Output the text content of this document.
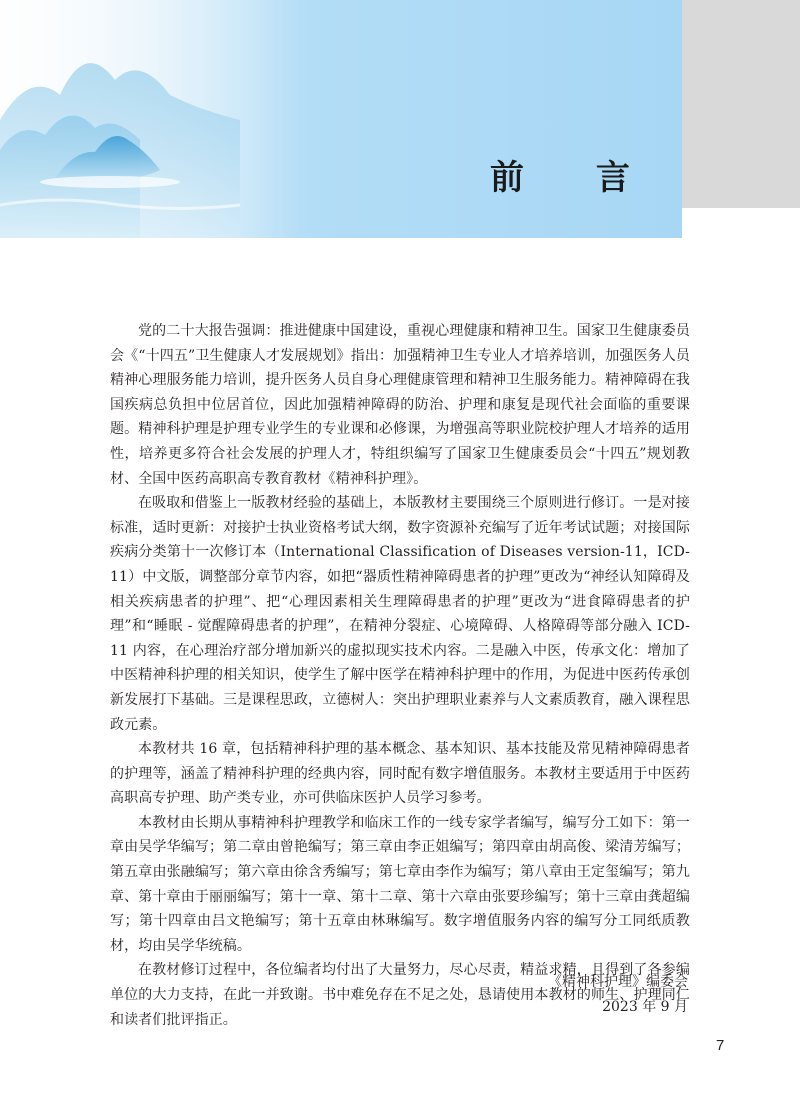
前 言

党的二十大报告强调：推进健康中国建设，重视心理健康和精神卫生。国家卫生健康委员会《“十四五”卫生健康人才发展规划》指出：加强精神卫生专业人才培养培训，加强医务人员精神心理服务能力培训，提升医务人员自身心理健康管理和精神卫生服务能力。精神障碍在我国疾病总负担中位居首位，因此加强精神障碍的防治、护理和康复是现代社会面临的重要课题。精神科护理是护理专业学生的专业课和必修课，为增强高等职业院校护理人才培养的适用性，培养更多符合社会发展的护理人才，特组织编写了国家卫生健康委员会“十四五”规划教材、全国中医药高职高专教育教材《精神科护理》。

在吸取和借鉴上一版教材经验的基础上，本版教材主要围绕三个原则进行修订。一是对接标准，适时更新：对接护士执业资格考试大纲，数字资源补充编写了近年考试试题；对接国际疾病分类第十一次修订本（International Classification of Diseases version-11，ICD-11）中文版，调整部分章节内容，如把“器质性精神障碍患者的护理”更改为“神经认知障碍及相关疾病患者的护理”、把“心理因素相关生理障碍患者的护理”更改为“进食障碍患者的护理”和“睡眠 - 觉醒障碍患者的护理”，在精神分裂症、心境障碍、人格障碍等部分融入 ICD-11 内容，在心理治疗部分增加新兴的虚拟现实技术内容。二是融入中医，传承文化：增加了中医精神科护理的相关知识，使学生了解中医学在精神科护理中的作用，为促进中医药传承创新发展打下基础。三是课程思政，立德树人：突出护理职业素养与人文素质教育，融入课程思政元素。

本教材共 16 章，包括精神科护理的基本概念、基本知识、基本技能及常见精神障碍患者的护理等，涵盖了精神科护理的经典内容，同时配有数字增值服务。本教材主要适用于中医药高职高专护理、助产类专业，亦可供临床医护人员学习参考。

本教材由长期从事精神科护理教学和临床工作的一线专家学者编写，编写分工如下：第一章由吴学华编写；第二章由曾艳编写；第三章由李正姐编写；第四章由胡高俊、梁清芳编写；第五章由张融编写；第六章由徐含秀编写；第七章由李作为编写；第八章由王定玺编写；第九章、第十章由于丽丽编写；第十一章、第十二章、第十六章由张要珍编写；第十三章由龚超编写；第十四章由吕文艳编写；第十五章由林琳编写。数字增值服务内容的编写分工同纸质教材，均由吴学华统稿。

在教材修订过程中，各位编者均付出了大量努力，尽心尽责，精益求精，且得到了各参编单位的大力支持，在此一并致谢。书中难免存在不足之处，恳请使用本教材的师生、护理同仁和读者们批评指正。

《精神科护理》编委会
2023 年 9 月
7
